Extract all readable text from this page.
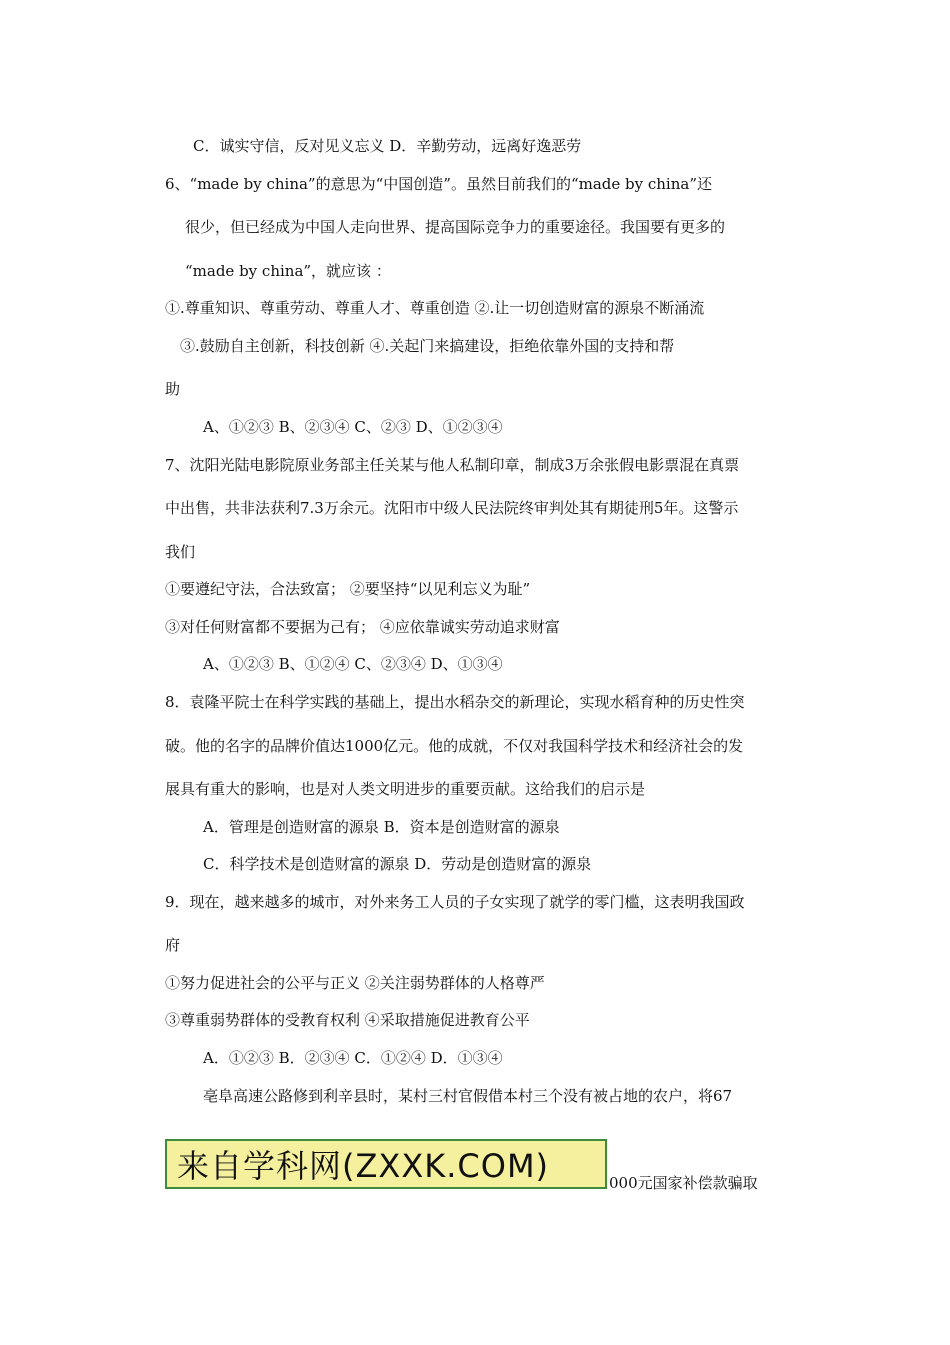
C．诚实守信，反对见义忘义 D．辛勤劳动，远离好逸恶劳
6、“made by china”的意思为“中国创造”。虽然目前我们的“made by china”还
很少，但已经成为中国人走向世界、提高国际竞争力的重要途径。我国要有更多的
“made by china”，就应该 ：
①.尊重知识、尊重劳动、尊重人才、尊重创造 ②.让一切创造财富的源泉不断涌流
③.鼓励自主创新，科技创新 ④.关起门来搞建设，拒绝依靠外国的支持和帮
助
A、①②③ B、②③④ C、②③ D、①②③④
7、沈阳光陆电影院原业务部主任关某与他人私制印章，制成3万余张假电影票混在真票
中出售，共非法获利7.3万余元。沈阳市中级人民法院终审判处其有期徒刑5年。这警示
我们
①要遵纪守法，合法致富； ②要坚持“以见利忘义为耻”
③对任何财富都不要据为己有； ④应依靠诚实劳动追求财富
A、①②③ B、①②④ C、②③④ D、①③④
8．袁隆平院士在科学实践的基础上，提出水稻杂交的新理论，实现水稻育种的历史性突
破。他的名字的品牌价值达1000亿元。他的成就，不仅对我国科学技术和经济社会的发
展具有重大的影响，也是对人类文明进步的重要贡献。这给我们的启示是
A．管理是创造财富的源泉 B．资本是创造财富的源泉
C．科学技术是创造财富的源泉 D．劳动是创造财富的源泉
9．现在，越来越多的城市，对外来务工人员的子女实现了就学的零门槛，这表明我国政
府
①努力促进社会的公平与正义 ②关注弱势群体的人格尊严
③尊重弱势群体的受教育权利 ④采取措施促进教育公平
A．①②③ B．②③④ C．①②④ D．①③④
亳阜高速公路修到利辛县时，某村三村官假借本村三个没有被占地的农户，将67
000元国家补偿款骗取
来自学科网(ZXXK.COM)
